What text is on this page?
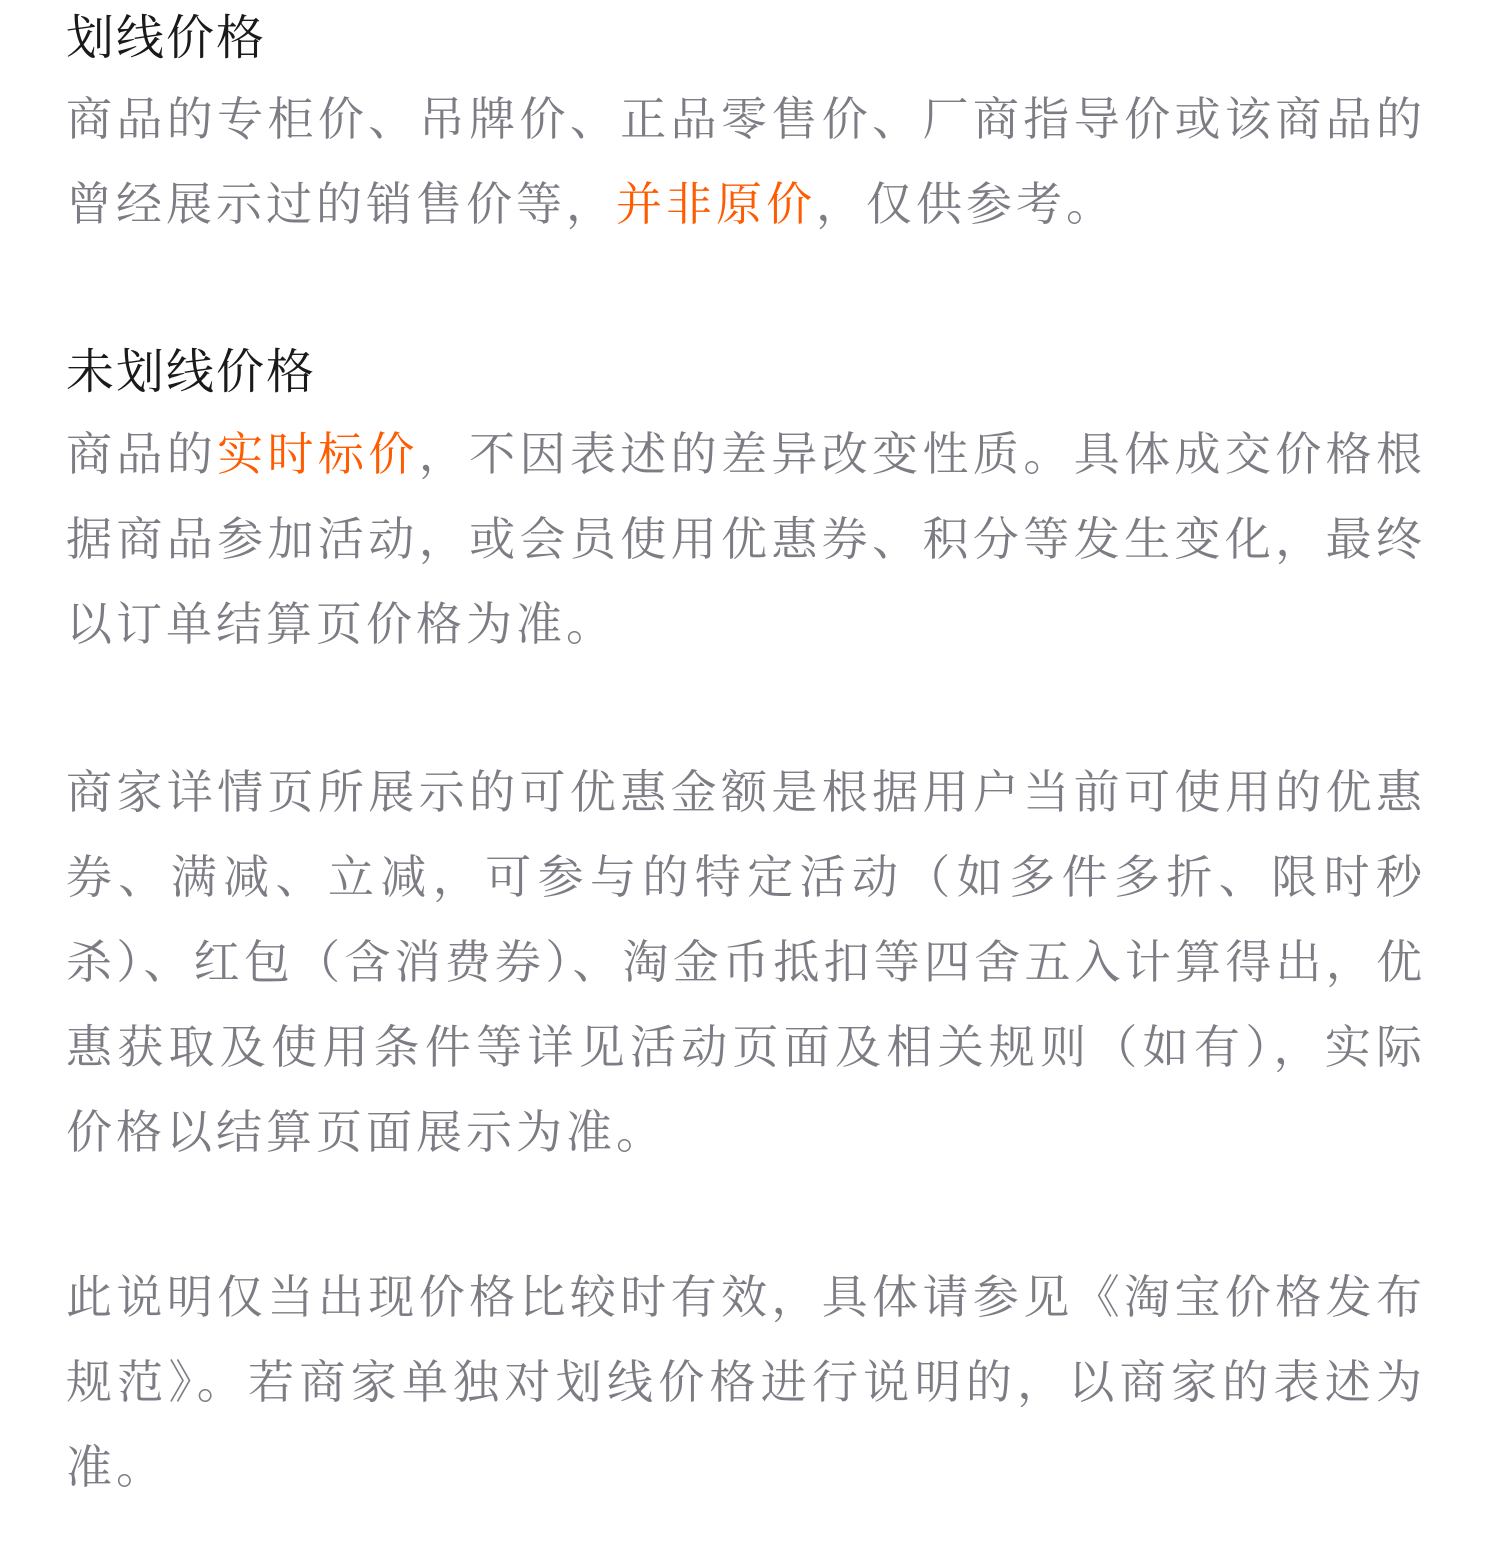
划线价格

商品的专柜价、吊牌价、正品零售价、厂商指导价或该商品的曾经展示过的销售价等，并非原价，仅供参考。

未划线价格

商品的实时标价，不因表述的差异改变性质。具体成交价格根据商品参加活动，或会员使用优惠券、积分等发生变化，最终以订单结算页价格为准。

商家详情页所展示的可优惠金额是根据用户当前可使用的优惠券、满减、立减，可参与的特定活动（如多件多折、限时秒杀）、红包（含消费券）、淘金币抵扣等四舍五入计算得出，优惠获取及使用条件等详见活动页面及相关规则（如有），实际价格以结算页面展示为准。

此说明仅当出现价格比较时有效，具体请参见《淘宝价格发布规范》。若商家单独对划线价格进行说明的，以商家的表述为准。
